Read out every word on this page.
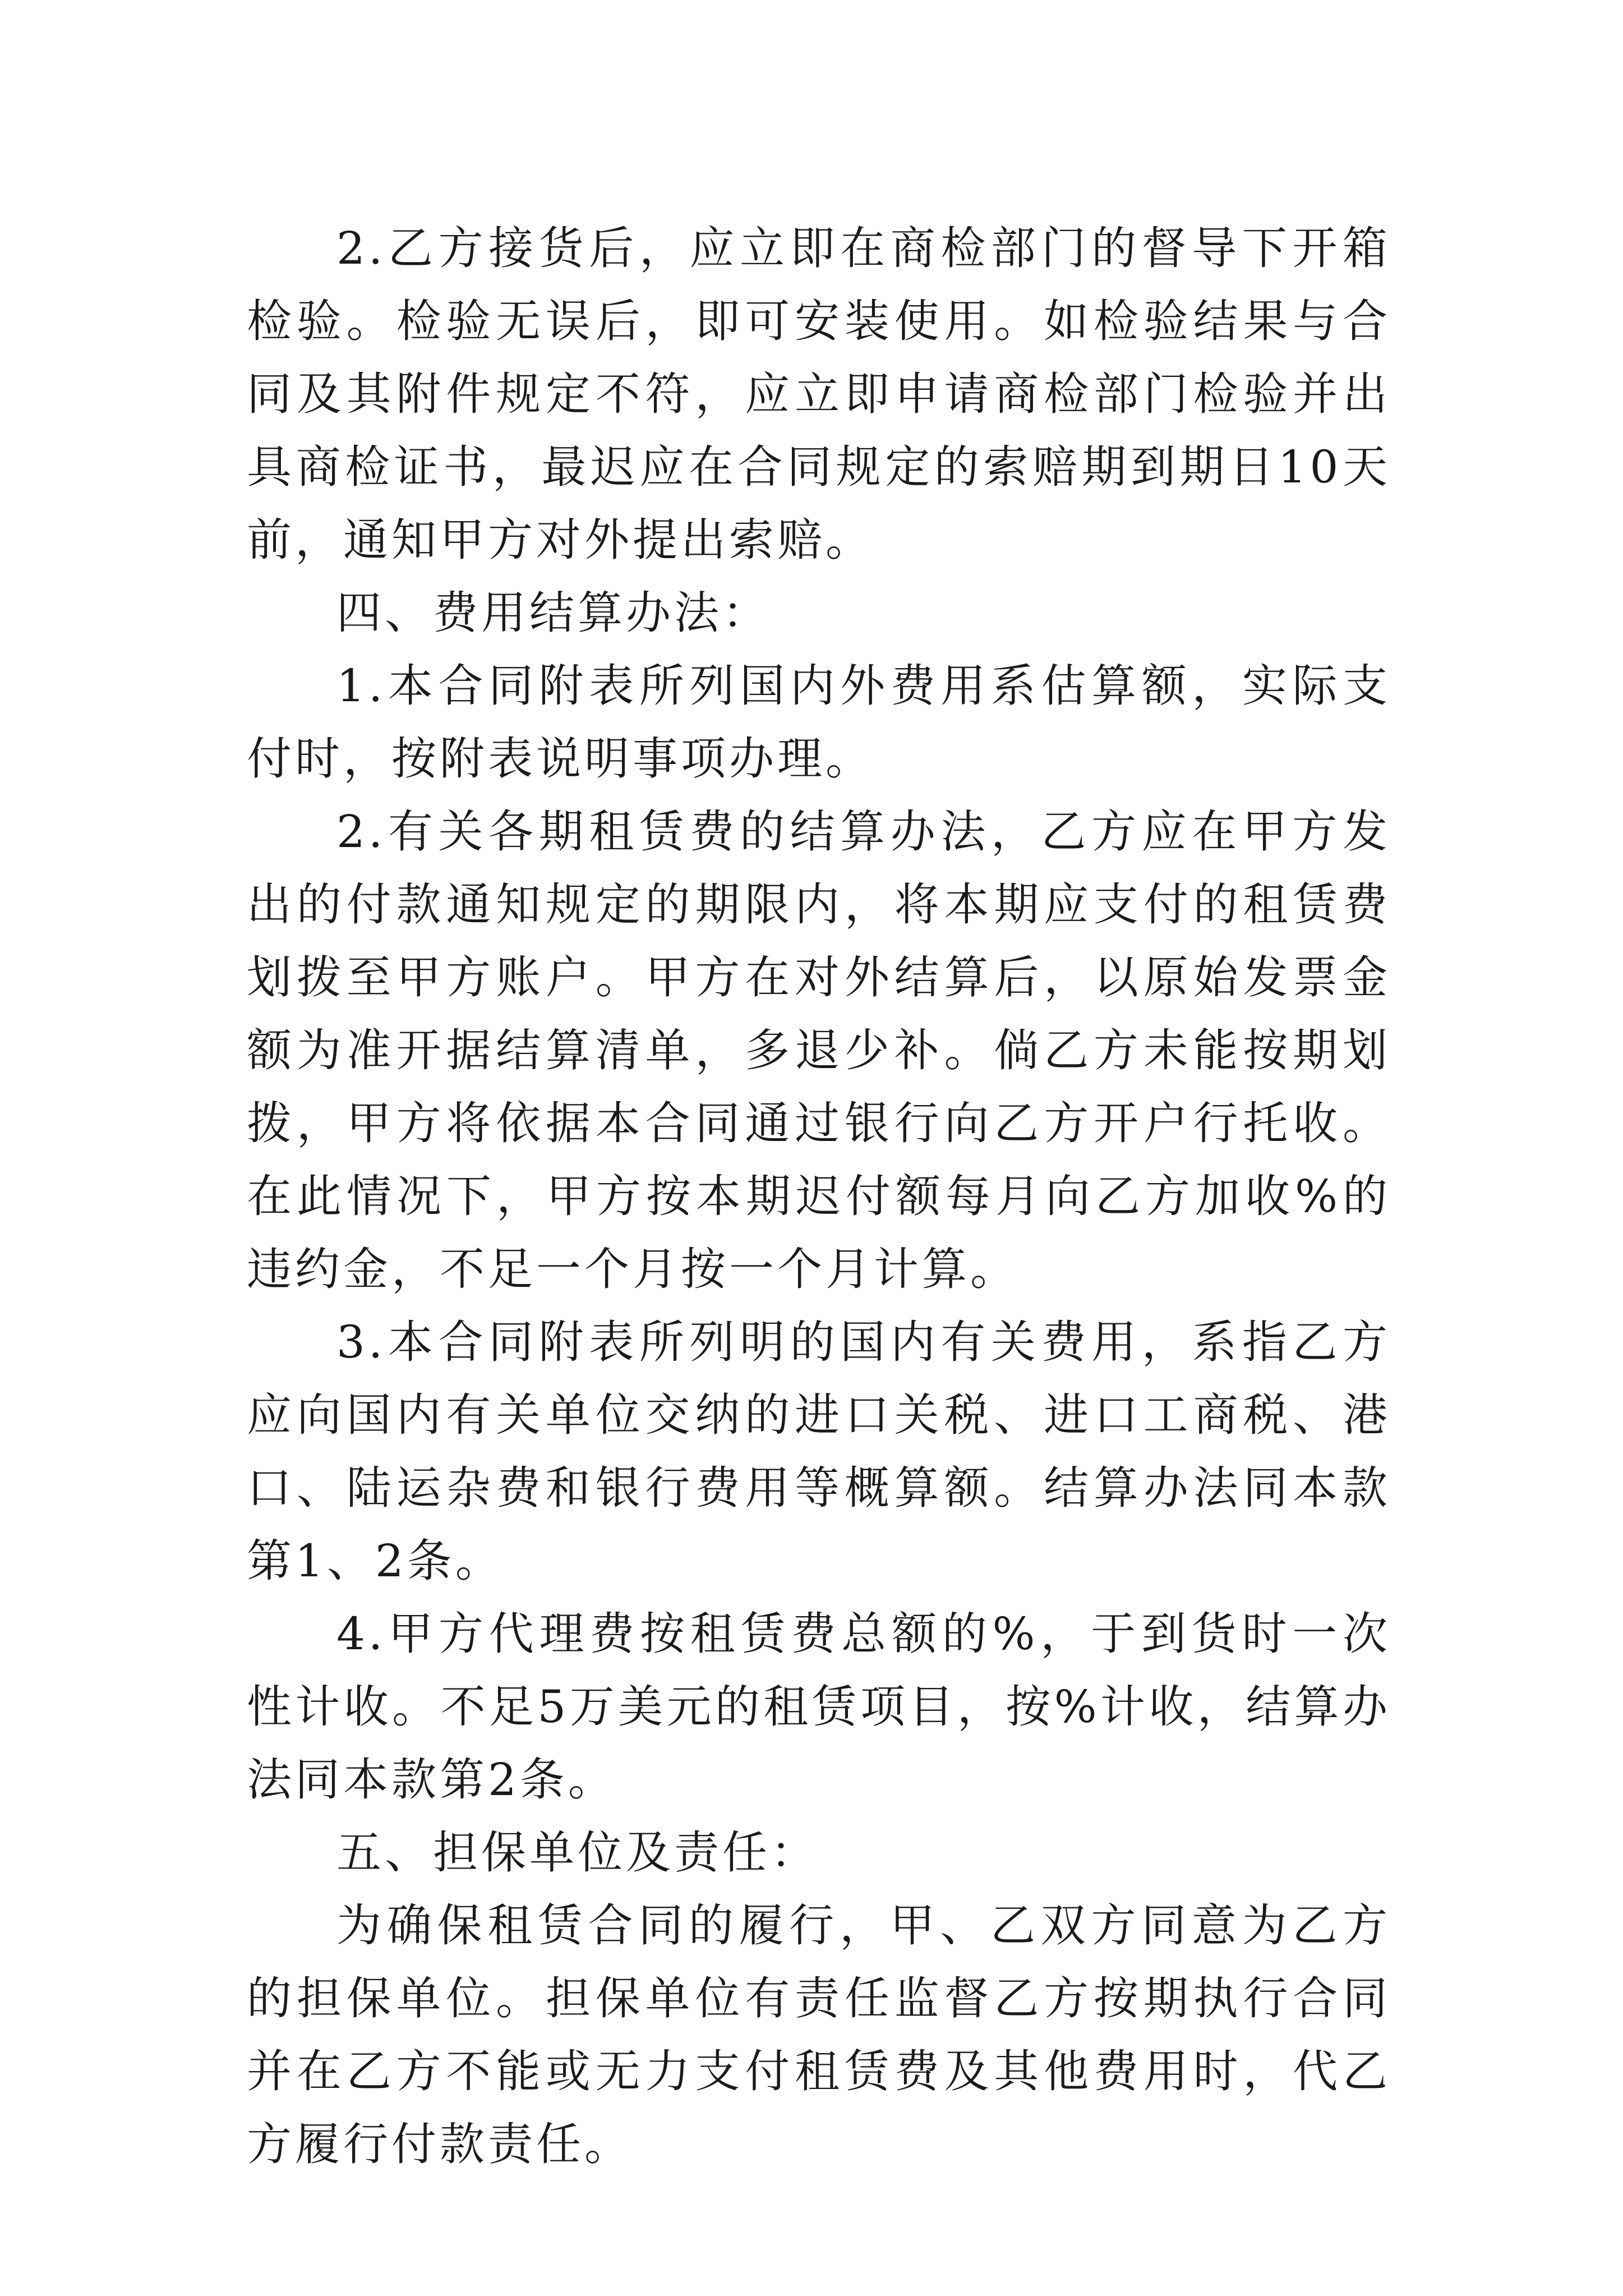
2.乙方接货后，应立即在商检部门的督导下开箱检验。检验无误后，即可安装使用。如检验结果与合同及其附件规定不符，应立即申请商检部门检验并出具商检证书，最迟应在合同规定的索赔期到期日10天前，通知甲方对外提出索赔。

四、费用结算办法：

1.本合同附表所列国内外费用系估算额，实际支付时，按附表说明事项办理。

2.有关各期租赁费的结算办法，乙方应在甲方发出的付款通知规定的期限内，将本期应支付的租赁费划拨至甲方账户。甲方在对外结算后，以原始发票金额为准开据结算清单，多退少补。倘乙方未能按期划拨，甲方将依据本合同通过银行向乙方开户行托收。在此情况下，甲方按本期迟付额每月向乙方加收%的违约金，不足一个月按一个月计算。

3.本合同附表所列明的国内有关费用，系指乙方应向国内有关单位交纳的进口关税、进口工商税、港口、陆运杂费和银行费用等概算额。结算办法同本款第1、2条。

4.甲方代理费按租赁费总额的%，于到货时一次性计收。不足5万美元的租赁项目，按%计收，结算办法同本款第2条。

五、担保单位及责任：

为确保租赁合同的履行，甲、乙双方同意为乙方的担保单位。担保单位有责任监督乙方按期执行合同并在乙方不能或无力支付租赁费及其他费用时，代乙方履行付款责任。
